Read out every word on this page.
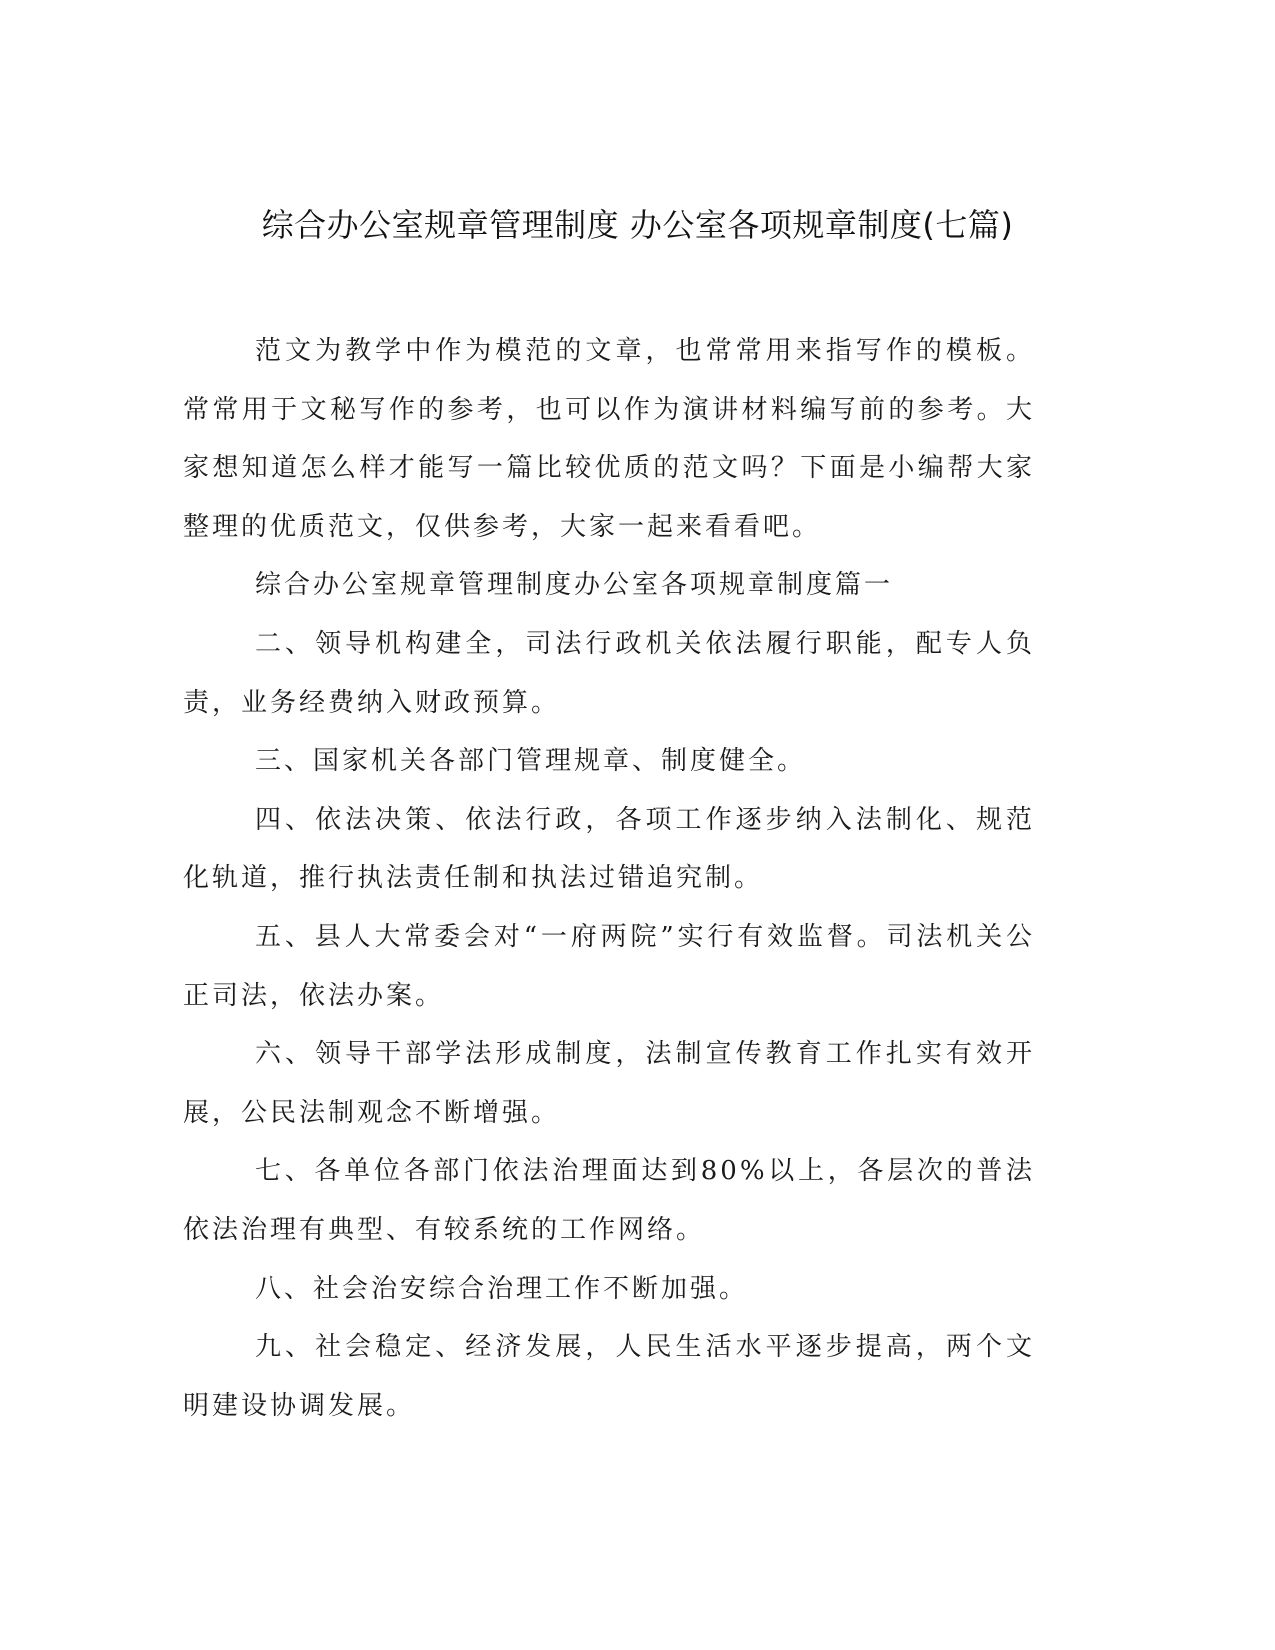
综合办公室规章管理制度 办公室各项规章制度(七篇)

范文为教学中作为模范的文章，也常常用来指写作的模板。常常用于文秘写作的参考，也可以作为演讲材料编写前的参考。大家想知道怎么样才能写一篇比较优质的范文吗？下面是小编帮大家整理的优质范文，仅供参考，大家一起来看看吧。

综合办公室规章管理制度办公室各项规章制度篇一

二、领导机构建全，司法行政机关依法履行职能，配专人负责，业务经费纳入财政预算。

三、国家机关各部门管理规章、制度健全。

四、依法决策、依法行政，各项工作逐步纳入法制化、规范化轨道，推行执法责任制和执法过错追究制。

五、县人大常委会对“一府两院”实行有效监督。司法机关公正司法，依法办案。

六、领导干部学法形成制度，法制宣传教育工作扎实有效开展，公民法制观念不断增强。

七、各单位各部门依法治理面达到80%以上，各层次的普法依法治理有典型、有较系统的工作网络。

八、社会治安综合治理工作不断加强。

九、社会稳定、经济发展，人民生活水平逐步提高，两个文明建设协调发展。
